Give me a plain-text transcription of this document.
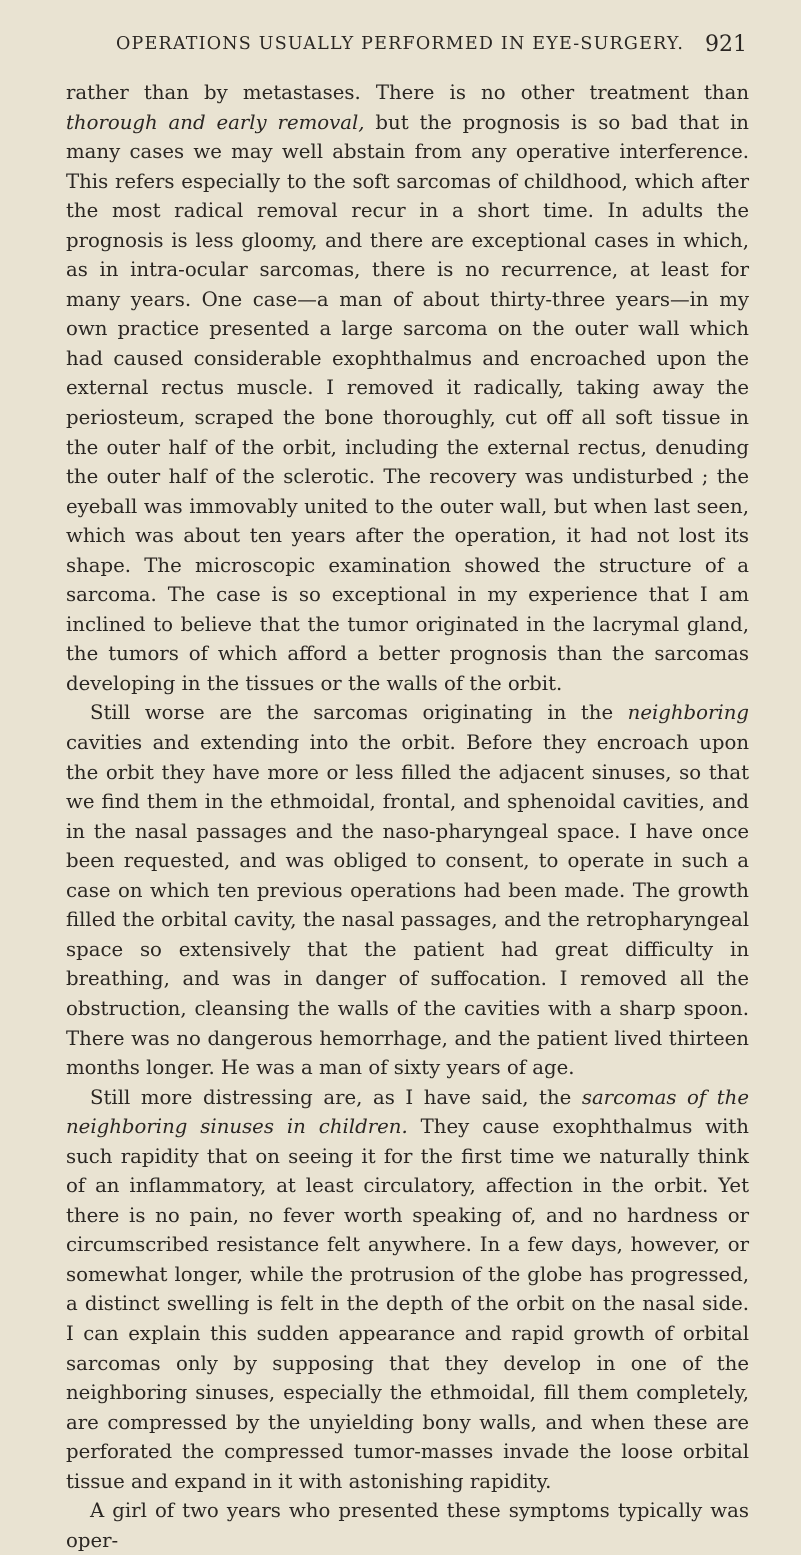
OPERATIONS USUALLY PERFORMED IN EYE-SURGERY. 921

rather than by metastases. There is no other treatment than thorough and early removal, but the prognosis is so bad that in many cases we may well abstain from any operative interference. This refers especially to the soft sarcomas of childhood, which after the most radical removal recur in a short time. In adults the prognosis is less gloomy, and there are exceptional cases in which, as in intra-ocular sarcomas, there is no recurrence, at least for many years. One case—a man of about thirty-three years—in my own practice presented a large sarcoma on the outer wall which had caused considerable exophthalmus and encroached upon the external rectus muscle. I removed it radically, taking away the periosteum, scraped the bone thoroughly, cut off all soft tissue in the outer half of the orbit, including the external rectus, denuding the outer half of the sclerotic. The recovery was undisturbed ; the eyeball was immovably united to the outer wall, but when last seen, which was about ten years after the operation, it had not lost its shape. The microscopic examination showed the structure of a sarcoma. The case is so exceptional in my experience that I am inclined to believe that the tumor originated in the lacrymal gland, the tumors of which afford a better prognosis than the sarcomas developing in the tissues or the walls of the orbit.

Still worse are the sarcomas originating in the neighboring cavities and extending into the orbit. Before they encroach upon the orbit they have more or less filled the adjacent sinuses, so that we find them in the ethmoidal, frontal, and sphenoidal cavities, and in the nasal passages and the naso-pharyngeal space. I have once been requested, and was obliged to consent, to operate in such a case on which ten previous operations had been made. The growth filled the orbital cavity, the nasal passages, and the retropharyngeal space so extensively that the patient had great difficulty in breathing, and was in danger of suffocation. I removed all the obstruction, cleansing the walls of the cavities with a sharp spoon. There was no dangerous hemorrhage, and the patient lived thirteen months longer. He was a man of sixty years of age.

Still more distressing are, as I have said, the sarcomas of the neighboring sinuses in children. They cause exophthalmus with such rapidity that on seeing it for the first time we naturally think of an inflammatory, at least circulatory, affection in the orbit. Yet there is no pain, no fever worth speaking of, and no hardness or circumscribed resistance felt anywhere. In a few days, however, or somewhat longer, while the protrusion of the globe has progressed, a distinct swelling is felt in the depth of the orbit on the nasal side. I can explain this sudden appearance and rapid growth of orbital sarcomas only by supposing that they develop in one of the neighboring sinuses, especially the ethmoidal, fill them completely, are compressed by the unyielding bony walls, and when these are perforated the compressed tumor-masses invade the loose orbital tissue and expand in it with astonishing rapidity.

A girl of two years who presented these symptoms typically was oper-
